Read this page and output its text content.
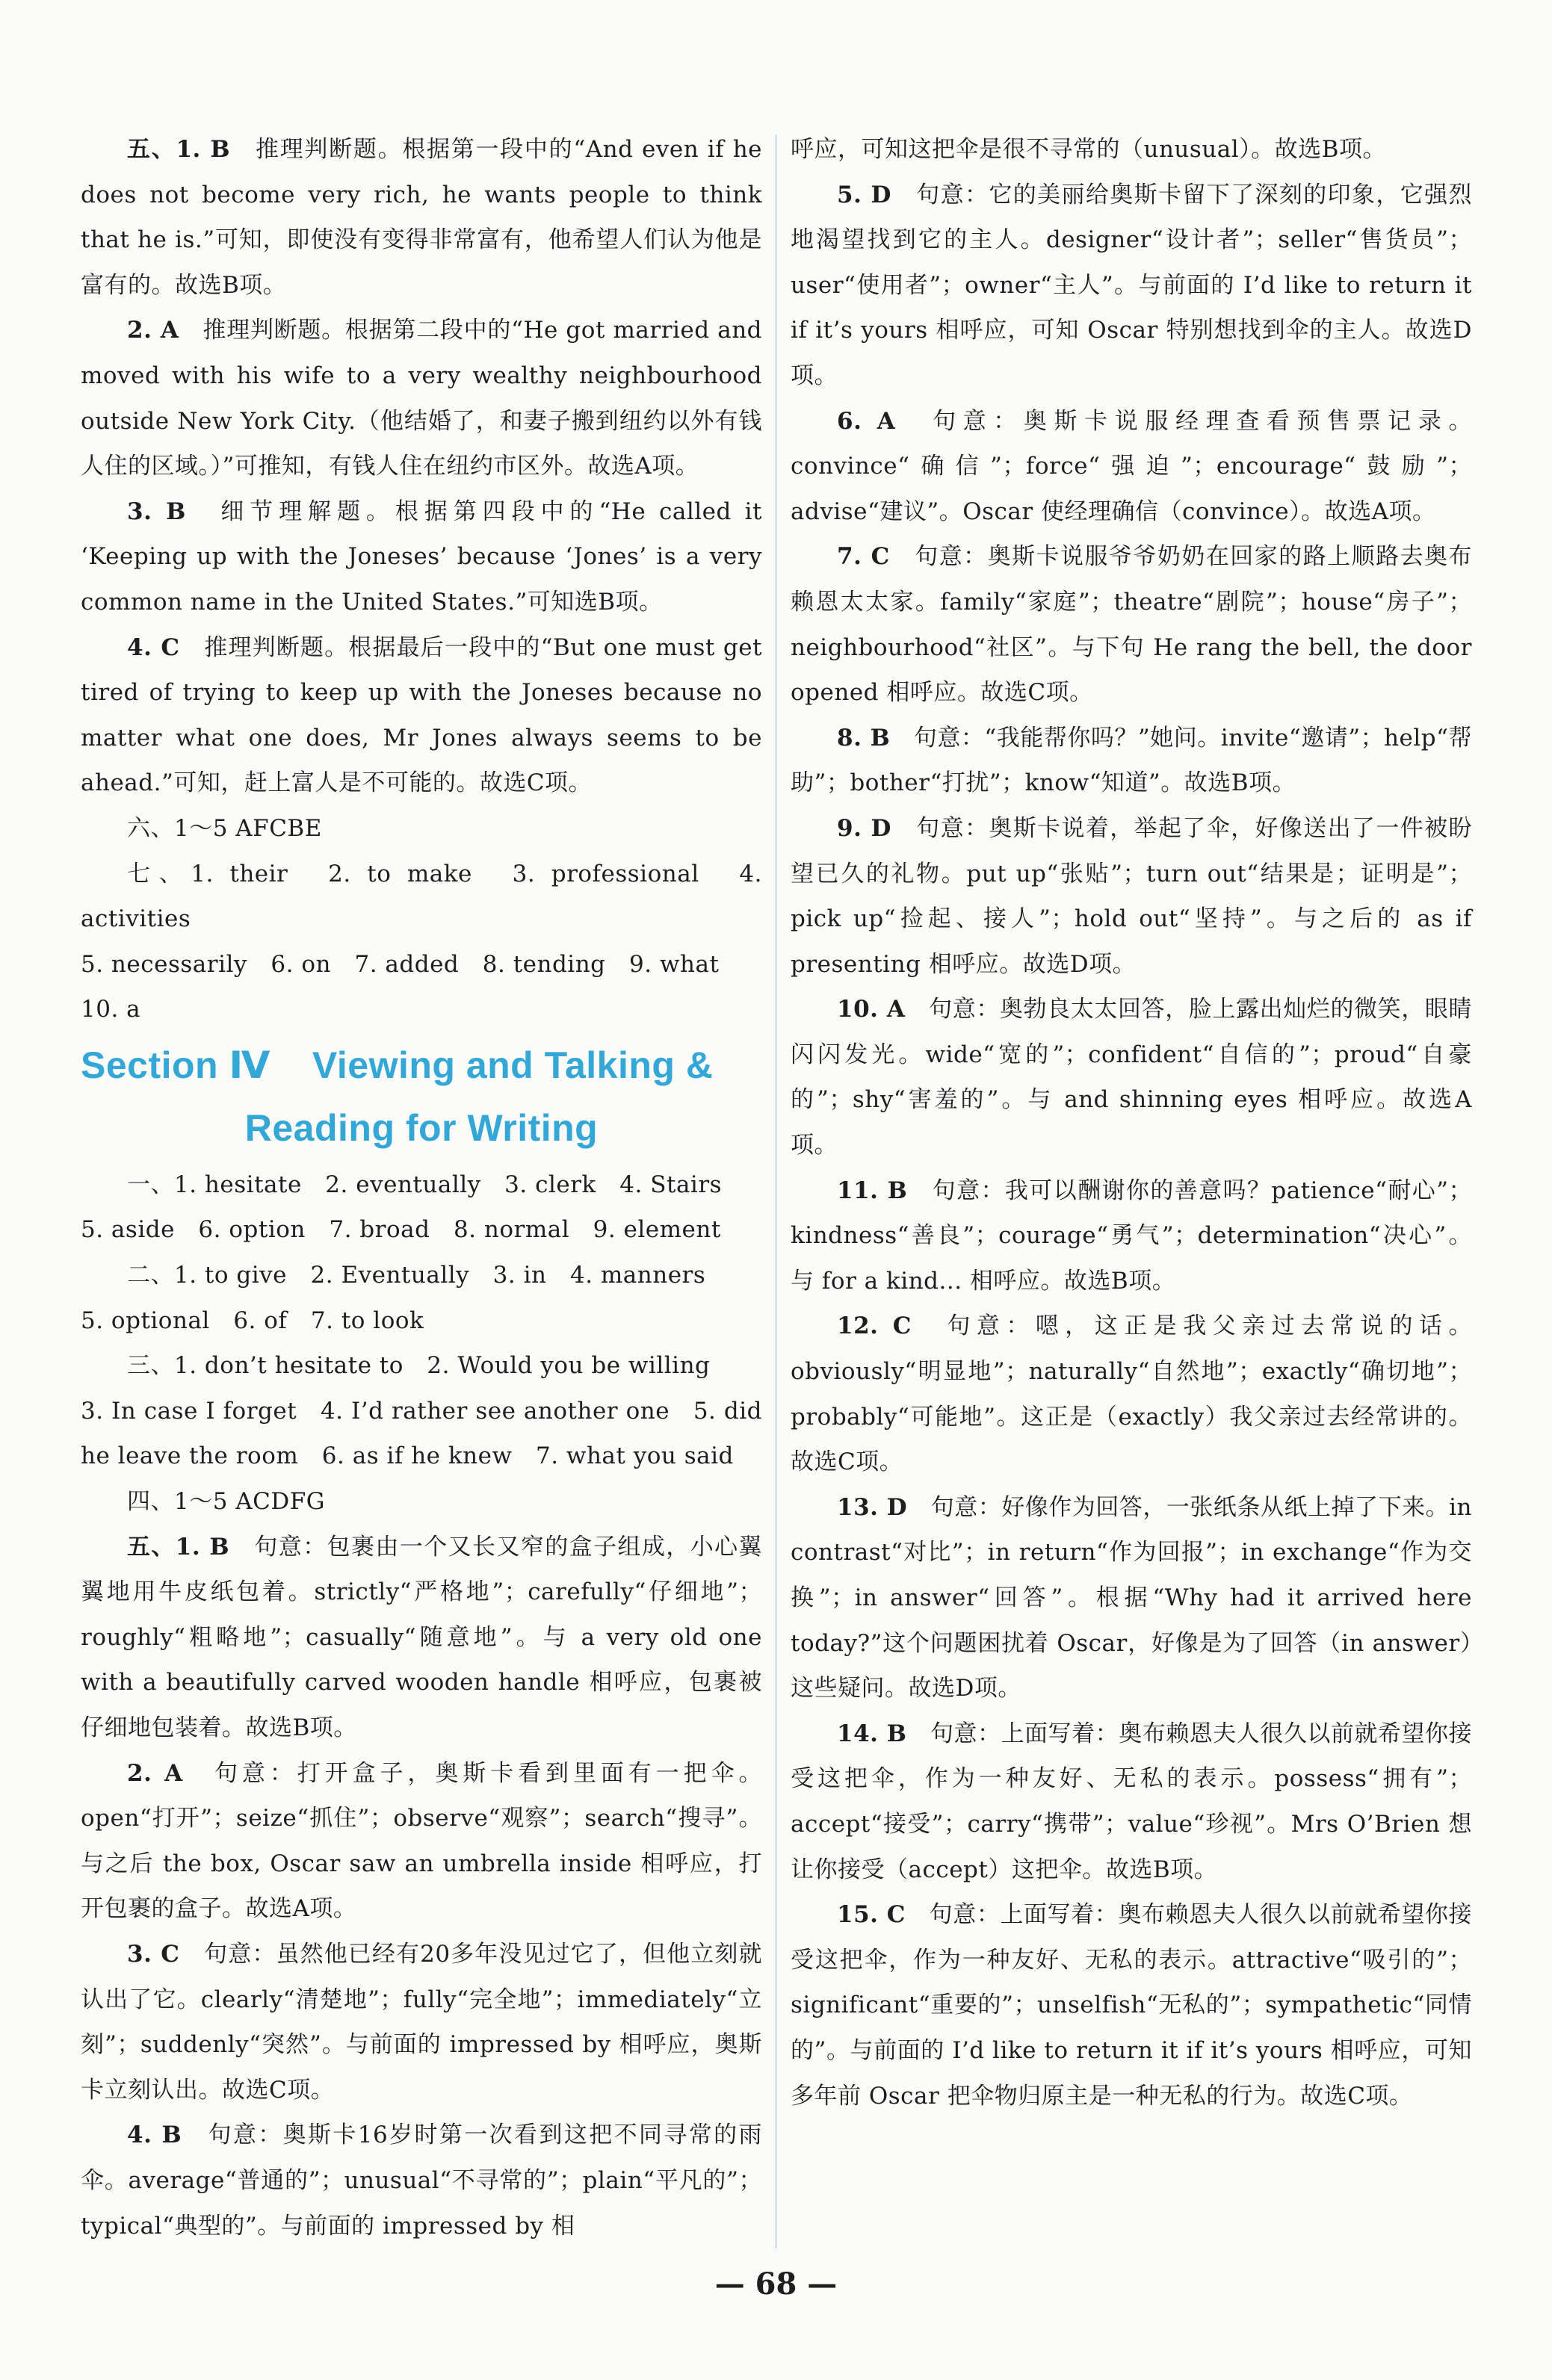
五、1. B　 推理判断题。根据第一段中的“And even if he does not become very rich, he wants people to think that he is.”可知，即使没有变得非常富有，他希望人们认为他是富有的。故选B项。

2. A　 推理判断题。根据第二段中的“He got married and moved with his wife to a very wealthy neighbourhood outside New York City.（他结婚了，和妻子搬到纽约以外有钱人住的区域。）”可推知，有钱人住在纽约市区外。故选A项。

3. B　 细节理解题。根据第四段中的“He called it ‘Keeping up with the Joneses’ because ‘Jones’ is a very common name in the United States.”可知选B项。

4. C　 推理判断题。根据最后一段中的“But one must get tired of trying to keep up with the Joneses because no matter what one does, Mr Jones always seems to be ahead.”可知，赶上富人是不可能的。故选C项。

六、1～5 AFCBE

七、1. their　2. to make　3. professional　4. activities

5. necessarily　6. on　7. added　8. tending　9. what

10. a

Section Ⅳ Viewing and Talking &
Reading for Writing

一、1. hesitate　2. eventually　3. clerk　4. Stairs

5. aside　6. option　7. broad　8. normal　9. element

二、1. to give　2. Eventually　3. in　4. manners

5. optional　6. of　7. to look

三、1. don’t hesitate to　2. Would you be willing

3. In case I forget　4. I’d rather see another one　5. did he leave the room　6. as if he knew　7. what you said

四、1～5 ACDFG

五、1. B　 句意：包裹由一个又长又窄的盒子组成，小心翼翼地用牛皮纸包着。strictly“严格地”；carefully“仔细地”；roughly“粗略地”；casually“随意地”。与 a very old one with a beautifully carved wooden handle 相呼应，包裹被仔细地包装着。故选B项。

2. A　 句意：打开盒子，奥斯卡看到里面有一把伞。open“打开”；seize“抓住”；observe“观察”；search“搜寻”。与之后 the box, Oscar saw an umbrella inside 相呼应，打开包裹的盒子。故选A项。

3. C　 句意：虽然他已经有20多年没见过它了，但他立刻就认出了它。clearly“清楚地”；fully“完全地”；immediately“立刻”；suddenly“突然”。与前面的 impressed by 相呼应，奥斯卡立刻认出。故选C项。

4. B　 句意：奥斯卡16岁时第一次看到这把不同寻常的雨伞。average“普通的”；unusual“不寻常的”；plain“平凡的”；typical“典型的”。与前面的 impressed by 相

呼应，可知这把伞是很不寻常的（unusual）。故选B项。

5. D　 句意：它的美丽给奥斯卡留下了深刻的印象，它强烈地渴望找到它的主人。designer“设计者”；seller“售货员”；user“使用者”；owner“主人”。与前面的 I’d like to return it if it’s yours 相呼应，可知 Oscar 特别想找到伞的主人。故选D项。

6. A　 句意：奥斯卡说服经理查看预售票记录。convince“确信”；force“强迫”；encourage“鼓励”；advise“建议”。Oscar 使经理确信（convince）。故选A项。

7. C　 句意：奥斯卡说服爷爷奶奶在回家的路上顺路去奥布赖恩太太家。family“家庭”；theatre“剧院”；house“房子”；neighbourhood“社区”。与下句 He rang the bell, the door opened 相呼应。故选C项。

8. B　 句意：“我能帮你吗？”她问。invite“邀请”；help“帮助”；bother“打扰”；know“知道”。故选B项。

9. D　 句意：奥斯卡说着，举起了伞，好像送出了一件被盼望已久的礼物。put up“张贴”；turn out“结果是；证明是”；pick up“捡起、接人”；hold out“坚持”。与之后的 as if presenting 相呼应。故选D项。

10. A　 句意：奥勃良太太回答，脸上露出灿烂的微笑，眼睛闪闪发光。wide“宽的”；confident“自信的”；proud“自豪的”；shy“害羞的”。与 and shinning eyes 相呼应。故选A项。

11. B　 句意：我可以酬谢你的善意吗？patience“耐心”；kindness“善良”；courage“勇气”；determination“决心”。与 for a kind... 相呼应。故选B项。

12. C　 句意：嗯，这正是我父亲过去常说的话。obviously“明显地”；naturally“自然地”；exactly“确切地”；probably“可能地”。这正是（exactly）我父亲过去经常讲的。故选C项。

13. D　 句意：好像作为回答，一张纸条从纸上掉了下来。in contrast“对比”；in return“作为回报”；in exchange“作为交换”；in answer“回答”。根据“Why had it arrived here today?”这个问题困扰着 Oscar，好像是为了回答（in answer）这些疑问。故选D项。

14. B　 句意：上面写着：奥布赖恩夫人很久以前就希望你接受这把伞，作为一种友好、无私的表示。possess“拥有”；accept“接受”；carry“携带”；value“珍视”。Mrs O’Brien 想让你接受（accept）这把伞。故选B项。

15. C　 句意：上面写着：奥布赖恩夫人很久以前就希望你接受这把伞，作为一种友好、无私的表示。attractive“吸引的”；significant“重要的”；unselfish“无私的”；sympathetic“同情的”。与前面的 I’d like to return it if it’s yours 相呼应，可知多年前 Oscar 把伞物归原主是一种无私的行为。故选C项。

— 68 —
